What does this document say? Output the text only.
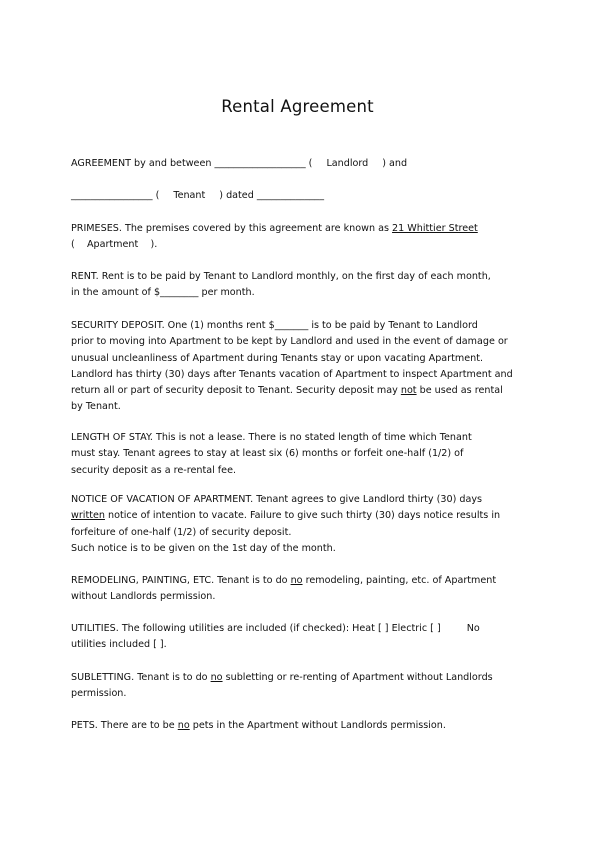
Rental Agreement
AGREEMENT by and between ___________________ ( Landlord ) and
_________________ ( Tenant ) dated ______________
PRIMESES. The premises covered by this agreement are known as 21 Whittier Street
(    Apartment    ).
RENT. Rent is to be paid by Tenant to Landlord monthly, on the first day of each month,
in the amount of $________ per month.
SECURITY DEPOSIT. One (1) months rent $_______ is to be paid by Tenant to Landlord
prior to moving into Apartment to be kept by Landlord and used in the event of damage or
unusual uncleanliness of Apartment during Tenants stay or upon vacating Apartment.
Landlord has thirty (30) days after Tenants vacation of Apartment to inspect Apartment and
return all or part of security deposit to Tenant. Security deposit may not be used as rental
by Tenant.
LENGTH OF STAY. This is not a lease. There is no stated length of time which Tenant
must stay. Tenant agrees to stay at least six (6) months or forfeit one-half (1/2) of
security deposit as a re-rental fee.
NOTICE OF VACATION OF APARTMENT. Tenant agrees to give Landlord thirty (30) days
written notice of intention to vacate. Failure to give such thirty (30) days notice results in
forfeiture of one-half (1/2) of security deposit.
Such notice is to be given on the 1st day of the month.
REMODELING, PAINTING, ETC. Tenant is to do no remodeling, painting, etc. of Apartment
without Landlords permission.
UTILITIES. The following utilities are included (if checked): Heat [ ] Electric [ ]	No
utilities included [ ].
SUBLETTING. Tenant is to do no subletting or re-renting of Apartment without Landlords
permission.
PETS. There are to be no pets in the Apartment without Landlords permission.
